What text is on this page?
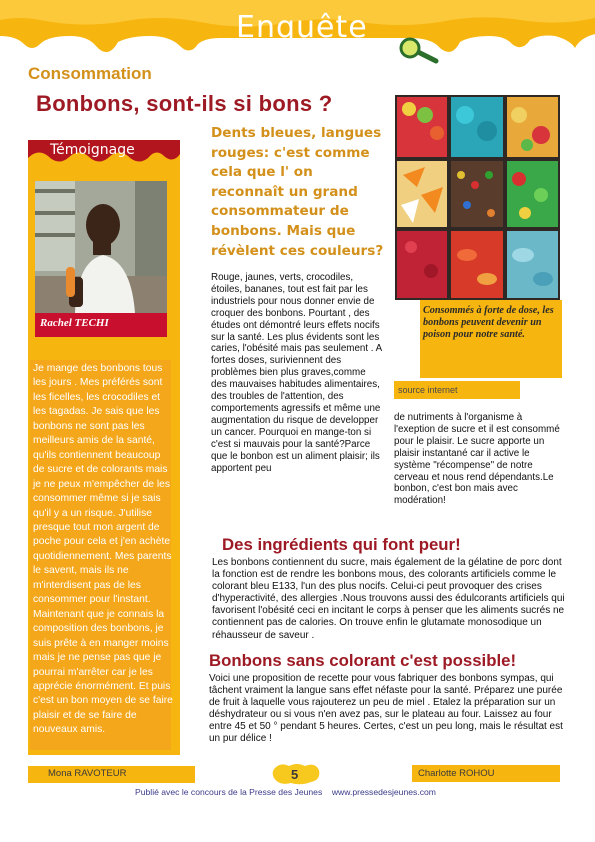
Enquête
Consommation
Bonbons, sont-ils si bons ?
Témoignage
Rachel TECHI
Je mange des bonbons tous les jours . Mes préférés sont les ficelles, les crocodiles et les tagadas. Je sais que les bonbons ne sont pas les meilleurs amis de la santé, qu'ils contiennent beaucoup de sucre et de colorants mais je ne peux m'empêcher de les consommer même si je sais qu'il y a un risque. J'utilise presque tout mon argent de poche pour cela et j'en achète quotidiennement. Mes parents le savent, mais ils ne m'interdisent pas de les consommer pour l'instant. Maintenant que je connais la composition des bonbons, je suis prête à en manger moins mais je ne pense pas que je pourrai m'arrêter car je les apprécie énormément. Et puis c'est un bon moyen de se faire plaisir et de se faire de nouveaux amis.
Dents bleues, langues rouges: c'est comme cela que l' on reconnaît un grand consommateur de bonbons. Mais que révèlent ces couleurs?
Rouge, jaunes, verts, crocodiles, étoiles, bananes, tout est fait par les industriels pour nous donner envie de croquer des bonbons. Pourtant , des études ont démontré leurs effets nocifs sur la santé. Les plus évidents sont les caries, l'obésité mais pas seulement . A fortes doses, suriviennent des problèmes bien plus graves,comme des mauvaises habitudes alimentaires, des troubles de l'attention, des comportements agressifs et même une augmentation du risque de developper un cancer. Pourquoi en mange-ton si c'est si mauvais pour la santé?Parce que le bonbon est un aliment plaisir; ils apportent peu
Consommés à forte de dose, les bonbons peuvent devenir un poison pour notre santé.
source internet
de nutriments à l'organisme à l'exeption de sucre et il est consommé pour le plaisir. Le sucre apporte un plaisir instantané car il active le système "récompense" de notre cerveau et nous rend dépendants.Le bonbon, c'est bon mais avec modération!
Des ingrédients qui font peur!
Les bonbons contiennent du sucre, mais également de la gélatine de porc dont la fonction est de rendre les bonbons mous, des colorants artificiels comme le colorant bleu E133, l'un des plus nocifs. Celui-ci peut provoquer des crises d'hyperactivité, des allergies .Nous trouvons aussi des édulcorants artificiels qui favorisent l'obésité ceci en incitant le corps à penser que les aliments sucrés ne contiennent pas de calories. On trouve enfin le glutamate monosodique un réhausseur de saveur .
Bonbons sans colorant c'est possible!
Voici une proposition de recette pour vous fabriquer des bonbons sympas, qui tâchent vraiment la langue sans effet néfaste pour la santé. Préparez une purée de fruit à laquelle vous rajouterez un peu de miel . Etalez la préparation sur un déshydrateur ou si vous n'en avez pas, sur le plateau au four. Laissez au four entre 45 et 50 ° pendant 5 heures. Certes, c'est un peu long, mais le résultat est un pur délice !
Mona RAVOTEUR	5	Charlotte ROHOU
Publié avec le concours de la Presse des Jeunes    www.pressedesjeunes.com
